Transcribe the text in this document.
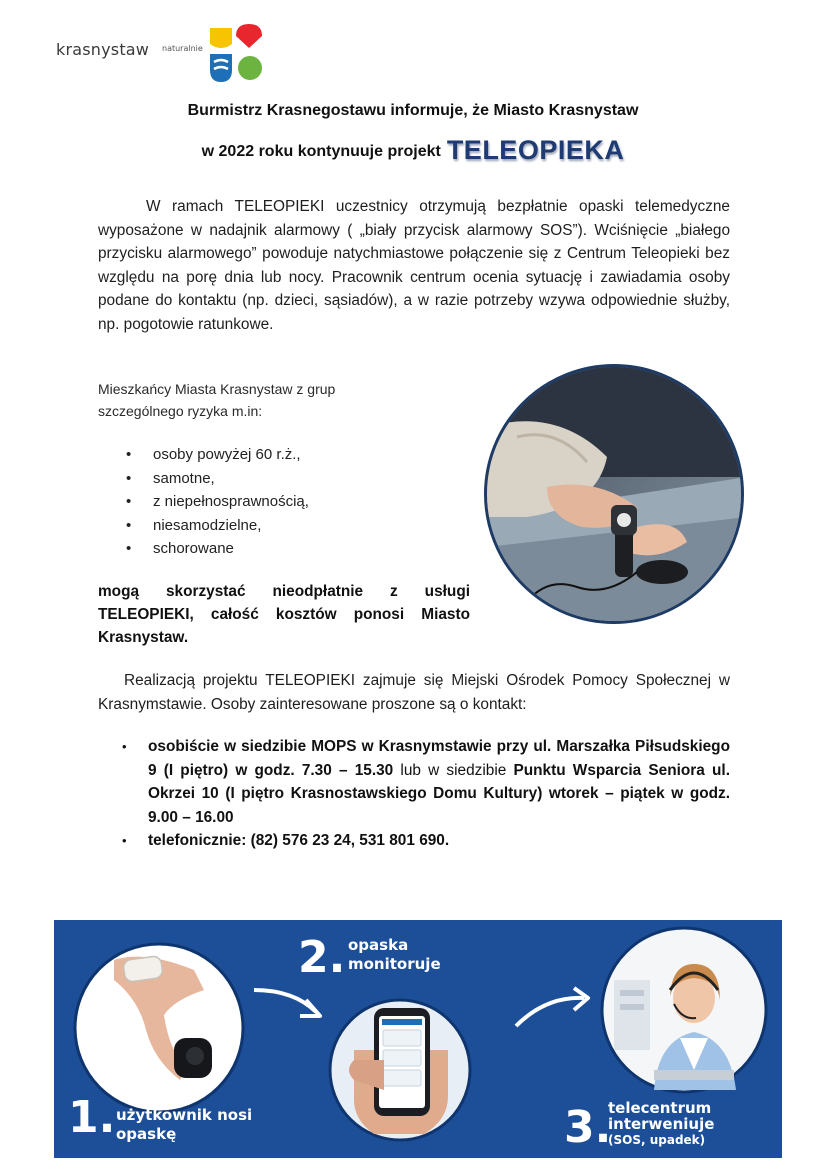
krasnystaw naturalnie
Burmistrz Krasnegostawu informuje, że Miasto Krasnystaw
w 2022 roku kontynuuje projekt TELEOPIEKA

W ramach TELEOPIEKI uczestnicy otrzymują bezpłatnie opaski telemedyczne wyposażone w nadajnik alarmowy ( „biały przycisk alarmowy SOS”). Wciśnięcie „białego przycisku alarmowego” powoduje natychmiastowe połączenie się z Centrum Teleopieki bez względu na porę dnia lub nocy. Pracownik centrum ocenia sytuację i zawiadamia osoby podane do kontaktu (np. dzieci, sąsiadów), a w razie potrzeby wzywa odpowiednie służby, np. pogotowie ratunkowe.

Mieszkańcy Miasta Krasnystaw z grup
szczególnego ryzyka m.in:
• osoby powyżej 60 r.ż.,
• samotne,
• z niepełnosprawnością,
• niesamodzielne,
• schorowane

mogą skorzystać nieodpłatnie z usługi TELEOPIEKI, całość kosztów ponosi Miasto Krasnystaw.

Realizacją projektu TELEOPIEKI zajmuje się Miejski Ośrodek Pomocy Społecznej w Krasnymstawie. Osoby zainteresowane proszone są o kontakt:

• osobiście w siedzibie MOPS w Krasnymstawie przy ul. Marszałka Piłsudskiego 9 (I piętro) w godz. 7.30 – 15.30 lub w siedzibie Punktu Wsparcia Seniora ul. Okrzei 10 (I piętro Krasnostawskiego Domu Kultury) wtorek – piątek w godz. 9.00 – 16.00
• telefonicznie: (82) 576 23 24, 531 801 690.
1. użytkownik nosi
opaskę
2. opaska
monitoruje
3.
telecentrum
interweniuje
(SOS, upadek)
